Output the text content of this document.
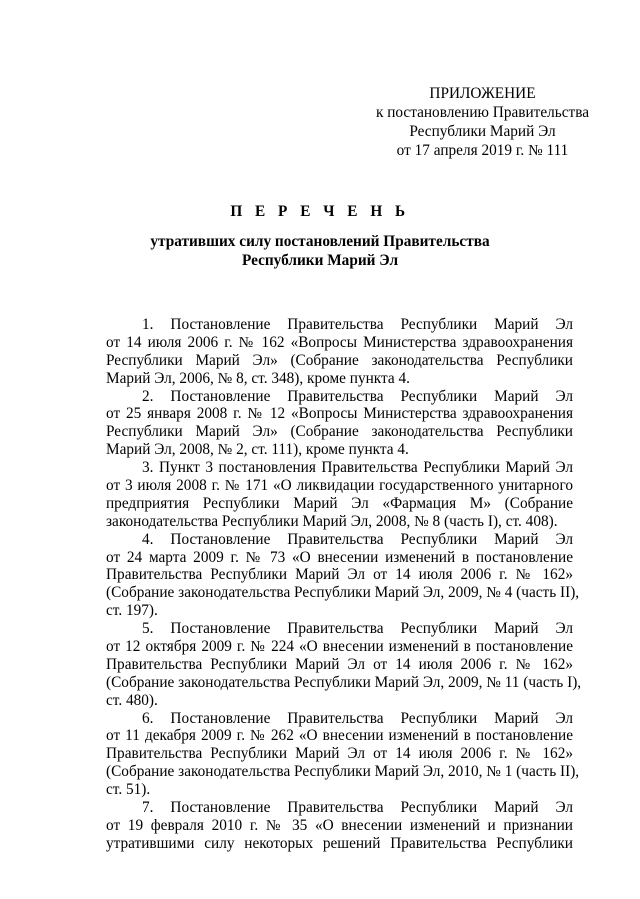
ПРИЛОЖЕНИЕ
к постановлению Правительства
Республики Марий Эл
от 17 апреля 2019 г. № 111
П Е Р Е Ч Е Н Ь
утративших силу постановлений Правительства
Республики Марий Эл
1. Постановление Правительства Республики Марий Эл
от 14 июля 2006 г. № 162 «Вопросы Министерства здравоохранения
Республики Марий Эл» (Собрание законодательства Республики
Марий Эл, 2006, № 8, ст. 348), кроме пункта 4.
2. Постановление Правительства Республики Марий Эл
от 25 января 2008 г. № 12 «Вопросы Министерства здравоохранения
Республики Марий Эл» (Собрание законодательства Республики
Марий Эл, 2008, № 2, ст. 111), кроме пункта 4.
3. Пункт 3 постановления Правительства Республики Марий Эл
от 3 июля 2008 г. № 171 «О ликвидации государственного унитарного
предприятия Республики Марий Эл «Фармация М» (Собрание
законодательства Республики Марий Эл, 2008, № 8 (часть I), ст. 408).
4. Постановление Правительства Республики Марий Эл
от 24 марта 2009 г. № 73 «О внесении изменений в постановление
Правительства Республики Марий Эл от 14 июля 2006 г. № 162»
(Собрание законодательства Республики Марий Эл, 2009, № 4 (часть II),
ст. 197).
5. Постановление Правительства Республики Марий Эл
от 12 октября 2009 г. № 224 «О внесении изменений в постановление
Правительства Республики Марий Эл от 14 июля 2006 г. № 162»
(Собрание законодательства Республики Марий Эл, 2009, № 11 (часть I),
ст. 480).
6. Постановление Правительства Республики Марий Эл
от 11 декабря 2009 г. № 262 «О внесении изменений в постановление
Правительства Республики Марий Эл от 14 июля 2006 г. № 162»
(Собрание законодательства Республики Марий Эл, 2010, № 1 (часть II),
ст. 51).
7. Постановление Правительства Республики Марий Эл
от 19 февраля 2010 г. № 35 «О внесении изменений и признании
утратившими силу некоторых решений Правительства Республики
